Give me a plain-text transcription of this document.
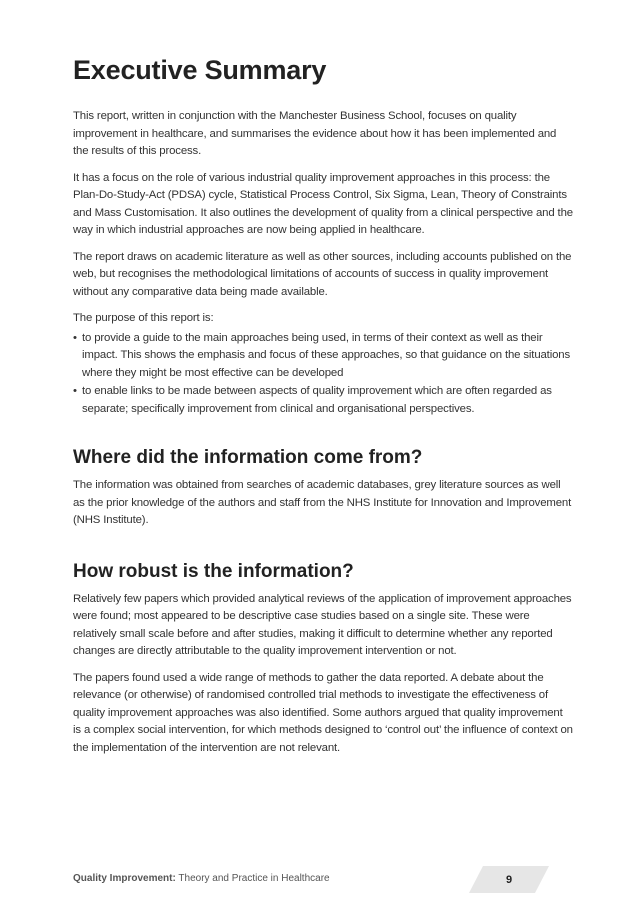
Executive Summary

This report, written in conjunction with the Manchester Business School, focuses on quality improvement in healthcare, and summarises the evidence about how it has been implemented and the results of this process.

It has a focus on the role of various industrial quality improvement approaches in this process: the Plan-Do-Study-Act (PDSA) cycle, Statistical Process Control, Six Sigma, Lean, Theory of Constraints and Mass Customisation. It also outlines the development of quality from a clinical perspective and the way in which industrial approaches are now being applied in healthcare.

The report draws on academic literature as well as other sources, including accounts published on the web, but recognises the methodological limitations of accounts of success in quality improvement without any comparative data being made available.

The purpose of this report is:

• to provide a guide to the main approaches being used, in terms of their context as well as their impact. This shows the emphasis and focus of these approaches, so that guidance on the situations where they might be most effective can be developed
• to enable links to be made between aspects of quality improvement which are often regarded as separate; specifically improvement from clinical and organisational perspectives.
Where did the information come from?

The information was obtained from searches of academic databases, grey literature sources as well as the prior knowledge of the authors and staff from the NHS Institute for Innovation and Improvement (NHS Institute).

How robust is the information?

Relatively few papers which provided analytical reviews of the application of improvement approaches were found; most appeared to be descriptive case studies based on a single site. These were relatively small scale before and after studies, making it difficult to determine whether any reported changes are directly attributable to the quality improvement intervention or not.

The papers found used a wide range of methods to gather the data reported. A debate about the relevance (or otherwise) of randomised controlled trial methods to investigate the effectiveness of quality improvement approaches was also identified. Some authors argued that quality improvement is a complex social intervention, for which methods designed to ‘control out’ the influence of context on the implementation of the intervention are not relevant.

Quality Improvement: Theory and Practice in Healthcare	9
